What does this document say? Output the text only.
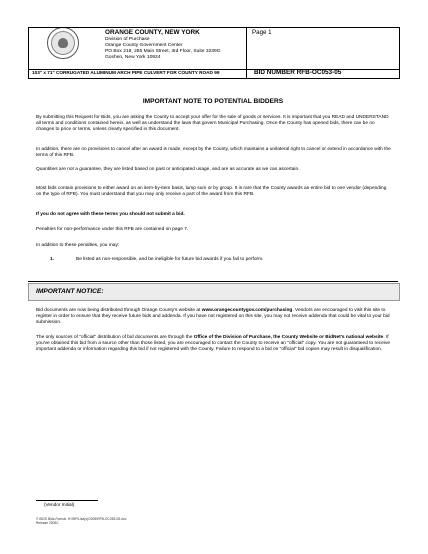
ORANGE COUNTY, NEW YORK
Division of Purchase
Orange County Government Center
PO Box 218, 255 Main Street, 3rd Floor, Suite 3239G
Goshen, New York 10924
Page 1
103" x 71" CORRUGATED ALUMINUM ARCH PIPE CULVERT FOR COUNTY ROAD 99	BID NUMBER RFB-OC053-05
IMPORTANT NOTE TO POTENTIAL BIDDERS
By submitting this Request for Bids, you are asking the County to accept your offer for the sale of goods or services. It is important that you READ and UNDERSTAND all terms and conditions contained herein, as well as understand the laws that govern Municipal Purchasing. Once the County has opened bids, there can be no changes to price or terms, unless clearly specified in this document.
In addition, there are no provisions to cancel after an award is made, except by the County, which maintains a unilateral right to cancel or extend in accordance with the terms of this RFB.
Quantities are not a guarantee, they are listed based on past or anticipated usage, and are as accurate as we can ascertain.
Most bids contain provisions to either award on an item-by-item basis, lump sum or by group. It is rare that the County awards an entire bid to one vendor (depending on the type of RFB). You must understand that you may only receive a part of the award from this RFB.
If you do not agree with these terms you should not submit a bid.
Penalties for non-performance under this RFB are contained on page 7.
In addition to these penalties, you may:
1.	Be listed as non-responsible, and be ineligible for future bid awards if you fail to perform.
IMPORTANT NOTICE:
Bid documents are now being distributed through Orange County's website at www.orangecountygov.com/purchasing. Vendors are encouraged to visit this site to register in order to ensure that they receive future bids and addenda. If you have not registered on this site, you may not receive addenda that could be vital to your bid submission.
The only sources of "official" distribution of bid documents are through the Office of the Division of Purchase, the County Website or BidNet's national website. If you've obtained this bid from a source other than those listed, you are encouraged to contact the County to receive an "official" copy. You are not guaranteed to receive important addenda or information regarding this bid if not registered with the County. Failure to respond to a bid on "official" bid copies may result in disqualification.
(Vendor Initial)
© BIDS Bids-Format, H:\WP\Lisa(s)\2005\RFB-OC053-05.doc
Release 2005C
